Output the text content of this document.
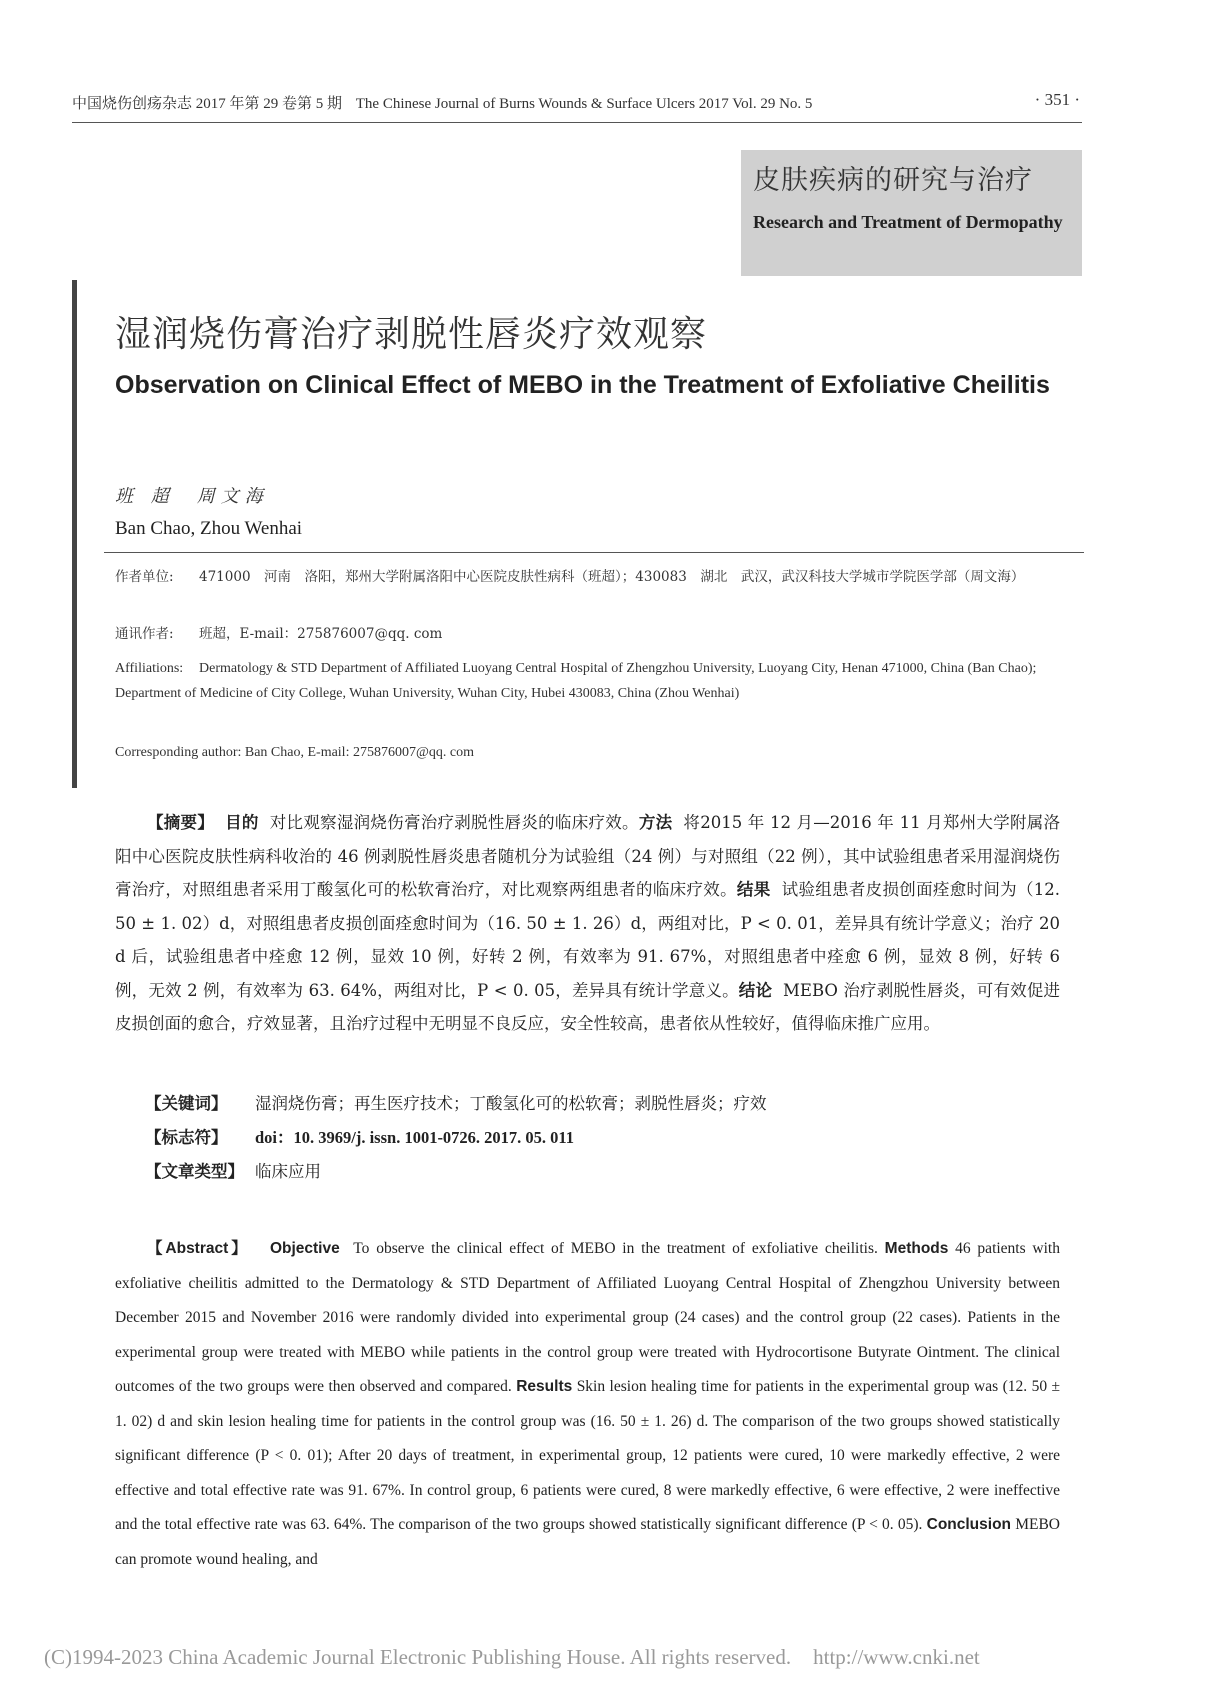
中国烧伤创疡杂志 2017 年第 29 卷第 5 期 The Chinese Journal of Burns Wounds & Surface Ulcers 2017 Vol. 29 No. 5	· 351 ·
皮肤疾病的研究与治疗
Research and Treatment of Dermopathy
湿润烧伤膏治疗剥脱性唇炎疗效观察
Observation on Clinical Effect of MEBO in the Treatment of Exfoliative Cheilitis
班 超 周文海
Ban Chao, Zhou Wenhai
作者单位: 471000　河南　洛阳，郑州大学附属洛阳中心医院皮肤性病科（班超）；430083　湖北　武汉，武汉科技大学城市学院医学部（周文海）
通讯作者: 班超，E-mail：275876007@qq. com
Affiliations: Dermatology & STD Department of Affiliated Luoyang Central Hospital of Zhengzhou University, Luoyang City, Henan 471000, China (Ban Chao); Department of Medicine of City College, Wuhan University, Wuhan City, Hubei 430083, China (Zhou Wenhai)
Corresponding author: Ban Chao, E-mail: 275876007@qq. com
【摘要】 目的 对比观察湿润烧伤膏治疗剥脱性唇炎的临床疗效。方法 将2015 年 12 月—2016 年 11 月郑州大学附属洛阳中心医院皮肤性病科收治的 46 例剥脱性唇炎患者随机分为试验组（24 例）与对照组（22 例），其中试验组患者采用湿润烧伤膏治疗，对照组患者采用丁酸氢化可的松软膏治疗，对比观察两组患者的临床疗效。结果 试验组患者皮损创面痊愈时间为（12. 50 ± 1. 02）d，对照组患者皮损创面痊愈时间为（16. 50 ± 1. 26）d，两组对比，P < 0. 01，差异具有统计学意义；治疗 20 d 后，试验组患者中痊愈 12 例，显效 10 例，好转 2 例，有效率为 91. 67%，对照组患者中痊愈 6 例，显效 8 例，好转 6 例，无效 2 例，有效率为 63. 64%，两组对比，P < 0. 05，差异具有统计学意义。结论 MEBO 治疗剥脱性唇炎，可有效促进皮损创面的愈合，疗效显著，且治疗过程中无明显不良反应，安全性较高，患者依从性较好，值得临床推广应用。
【关键词】 湿润烧伤膏；再生医疗技术；丁酸氢化可的松软膏；剥脱性唇炎；疗效
【标志符】 doi：10. 3969/j. issn. 1001-0726. 2017. 05. 011
【文章类型】 临床应用
【Abstract】 Objective To observe the clinical effect of MEBO in the treatment of exfoliative cheilitis. Methods 46 patients with exfoliative cheilitis admitted to the Dermatology & STD Department of Affiliated Luoyang Central Hospital of Zhengzhou University between December 2015 and November 2016 were randomly divided into experimental group (24 cases) and the control group (22 cases). Patients in the experimental group were treated with MEBO while patients in the control group were treated with Hydrocortisone Butyrate Ointment. The clinical outcomes of the two groups were then observed and compared. Results Skin lesion healing time for patients in the experimental group was (12. 50 ± 1. 02) d and skin lesion healing time for patients in the control group was (16. 50 ± 1. 26) d. The comparison of the two groups showed statistically significant difference (P < 0. 01); After 20 days of treatment, in experimental group, 12 patients were cured, 10 were markedly effective, 2 were effective and total effective rate was 91. 67%. In control group, 6 patients were cured, 8 were markedly effective, 6 were effective, 2 were ineffective and the total effective rate was 63. 64%. The comparison of the two groups showed statistically significant difference (P < 0. 05). Conclusion MEBO can promote wound healing, and
(C)1994-2023 China Academic Journal Electronic Publishing House. All rights reserved. http://www.cnki.net
